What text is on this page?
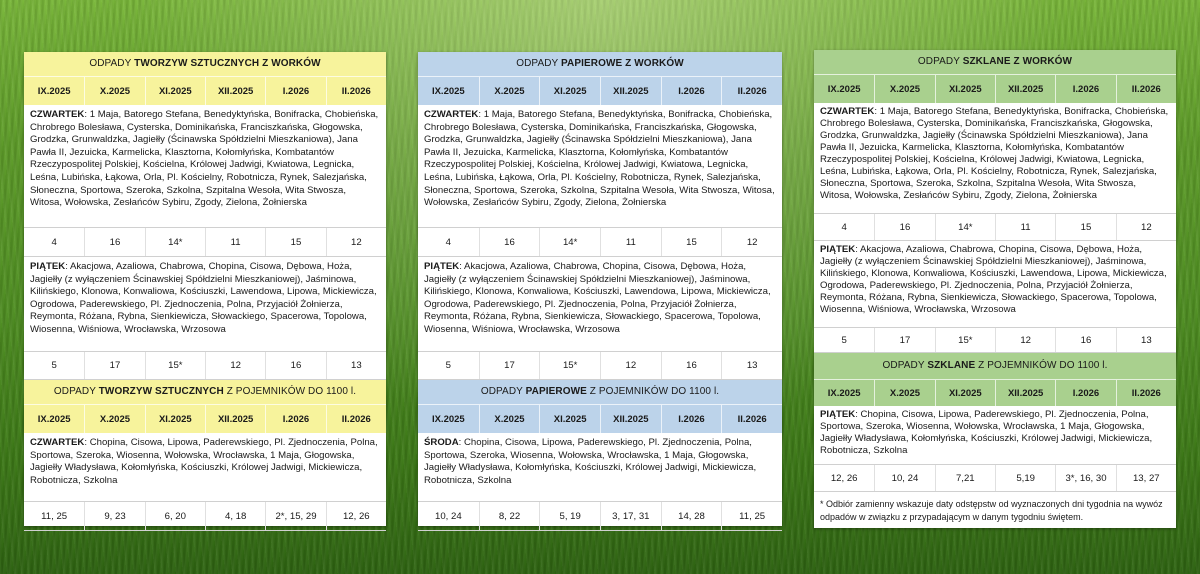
ODPADY TWORZYW SZTUCZNYCH Z WORKÓW
IX.2025	X.2025	XI.2025	XII.2025	I.2026	II.2026
CZWARTEK: 1 Maja, Batorego Stefana, Benedyktyńska, Bonifracka, Chobieńska, Chrobrego Bolesława, Cysterska, Dominikańska, Franciszkańska, Głogowska, Grodzka, Grunwaldzka, Jagiełły (Ścinawska Spółdzielni Mieszkaniowa), Jana Pawła II, Jezuicka, Karmelicka, Klasztorna, Kołomłyńska, Kombatantów Rzeczypospolitej Polskiej, Kościelna, Królowej Jadwigi, Kwiatowa, Legnicka, Leśna, Lubińska, Łąkowa, Orla, Pl. Kościelny, Robotnicza, Rynek, Salezjańska, Słoneczna, Sportowa, Szeroka, Szkolna, Szpitalna Wesoła, Wita Stwosza, Witosa, Wołowska, Zesłańców Sybiru, Zgody, Zielona, Żołnierska
4	16	14*	11	15	12
PIĄTEK: Akacjowa, Azaliowa, Chabrowa, Chopina, Cisowa, Dębowa, Hoża, Jagiełły (z wyłączeniem Ścinawskiej Spółdzielni Mieszkaniowej), Jaśminowa, Kilińskiego, Klonowa, Konwaliowa, Kościuszki, Lawendowa, Lipowa, Mickiewicza, Ogrodowa, Paderewskiego, Pl. Zjednoczenia, Polna, Przyjaciół Żołnierza, Reymonta, Różana, Rybna, Sienkiewicza, Słowackiego, Spacerowa, Topolowa, Wiosenna, Wiśniowa, Wrocławska, Wrzosowa
5	17	15*	12	16	13
ODPADY TWORZYW SZTUCZNYCH Z POJEMNIKÓW DO 1100 l.
IX.2025	X.2025	XI.2025	XII.2025	I.2026	II.2026
CZWARTEK: Chopina, Cisowa, Lipowa, Paderewskiego, Pl. Zjednoczenia, Polna, Sportowa, Szeroka, Wiosenna, Wołowska, Wrocławska, 1 Maja, Głogowska, Jagiełły Władysława, Kołomłyńska, Kościuszki, Królowej Jadwigi, Mickiewicza, Robotnicza, Szkolna
11, 25	9, 23	6, 20	4, 18	2*, 15, 29	12, 26
ODPADY PAPIEROWE Z WORKÓW
IX.2025	X.2025	XI.2025	XII.2025	I.2026	II.2026
CZWARTEK: 1 Maja, Batorego Stefana, Benedyktyńska, Bonifracka, Chobieńska, Chrobrego Bolesława, Cysterska, Dominikańska, Franciszkańska, Głogowska, Grodzka, Grunwaldzka, Jagiełły (Ścinawska Spółdzielni Mieszkaniowa), Jana Pawła II, Jezuicka, Karmelicka, Klasztorna, Kołomłyńska, Kombatantów Rzeczypospolitej Polskiej, Kościelna, Królowej Jadwigi, Kwiatowa, Legnicka, Leśna, Lubińska, Łąkowa, Orla, Pl. Kościelny, Robotnicza, Rynek, Salezjańska, Słoneczna, Sportowa, Szeroka, Szkolna, Szpitalna Wesoła, Wita Stwosza, Witosa, Wołowska, Zesłańców Sybiru, Zgody, Zielona, Żołnierska
4	16	14*	11	15	12
PIĄTEK: Akacjowa, Azaliowa, Chabrowa, Chopina, Cisowa, Dębowa, Hoża, Jagiełły (z wyłączeniem Ścinawskiej Spółdzielni Mieszkaniowej), Jaśminowa, Kilińskiego, Klonowa, Konwaliowa, Kościuszki, Lawendowa, Lipowa, Mickiewicza, Ogrodowa, Paderewskiego, Pl. Zjednoczenia, Polna, Przyjaciół Żołnierza, Reymonta, Różana, Rybna, Sienkiewicza, Słowackiego, Spacerowa, Topolowa, Wiosenna, Wiśniowa, Wrocławska, Wrzosowa
5	17	15*	12	16	13
ODPADY PAPIEROWE Z POJEMNIKÓW DO 1100 l.
IX.2025	X.2025	XI.2025	XII.2025	I.2026	II.2026
ŚRODA: Chopina, Cisowa, Lipowa, Paderewskiego, Pl. Zjednoczenia, Polna, Sportowa, Szeroka, Wiosenna, Wołowska, Wrocławska, 1 Maja, Głogowska, Jagiełły Władysława, Kołomłyńska, Kościuszki, Królowej Jadwigi, Mickiewicza, Robotnicza, Szkolna
10, 24	8, 22	5, 19	3, 17, 31	14, 28	11, 25
ODPADY SZKLANE Z WORKÓW
IX.2025	X.2025	XI.2025	XII.2025	I.2026	II.2026
CZWARTEK: 1 Maja, Batorego Stefana, Benedyktyńska, Bonifracka, Chobieńska, Chrobrego Bolesława, Cysterska, Dominikańska, Franciszkańska, Głogowska, Grodzka, Grunwaldzka, Jagiełły (Ścinawska Spółdzielni Mieszkaniowa), Jana Pawła II, Jezuicka, Karmelicka, Klasztorna, Kołomłyńska, Kombatantów Rzeczypospolitej Polskiej, Kościelna, Królowej Jadwigi, Kwiatowa, Legnicka, Leśna, Lubińska, Łąkowa, Orla, Pl. Kościelny, Robotnicza, Rynek, Salezjańska, Słoneczna, Sportowa, Szeroka, Szkolna, Szpitalna Wesoła, Wita Stwosza, Witosa, Wołowska, Zesłańców Sybiru, Zgody, Zielona, Żołnierska
4	16	14*	11	15	12
PIĄTEK: Akacjowa, Azaliowa, Chabrowa, Chopina, Cisowa, Dębowa, Hoża, Jagiełły (z wyłączeniem Ścinawskiej Spółdzielni Mieszkaniowej), Jaśminowa, Kilińskiego, Klonowa, Konwaliowa, Kościuszki, Lawendowa, Lipowa, Mickiewicza, Ogrodowa, Paderewskiego, Pl. Zjednoczenia, Polna, Przyjaciół Żołnierza, Reymonta, Różana, Rybna, Sienkiewicza, Słowackiego, Spacerowa, Topolowa, Wiosenna, Wiśniowa, Wrocławska, Wrzosowa
5	17	15*	12	16	13
ODPADY SZKLANE Z POJEMNIKÓW DO 1100 l.
IX.2025	X.2025	XI.2025	XII.2025	I.2026	II.2026
PIĄTEK: Chopina, Cisowa, Lipowa, Paderewskiego, Pl. Zjednoczenia, Polna, Sportowa, Szeroka, Wiosenna, Wołowska, Wrocławska, 1 Maja, Głogowska, Jagiełły Władysława, Kołomłyńska, Kościuszki, Królowej Jadwigi, Mickiewicza, Robotnicza, Szkolna
12, 26	10, 24	7,21	5,19	3*, 16, 30	13, 27
* Odbiór zamienny wskazuje daty odstępstw od wyznaczonych dni tygodnia na wywóz odpadów w związku z przypadającym w danym tygodniu świętem.
